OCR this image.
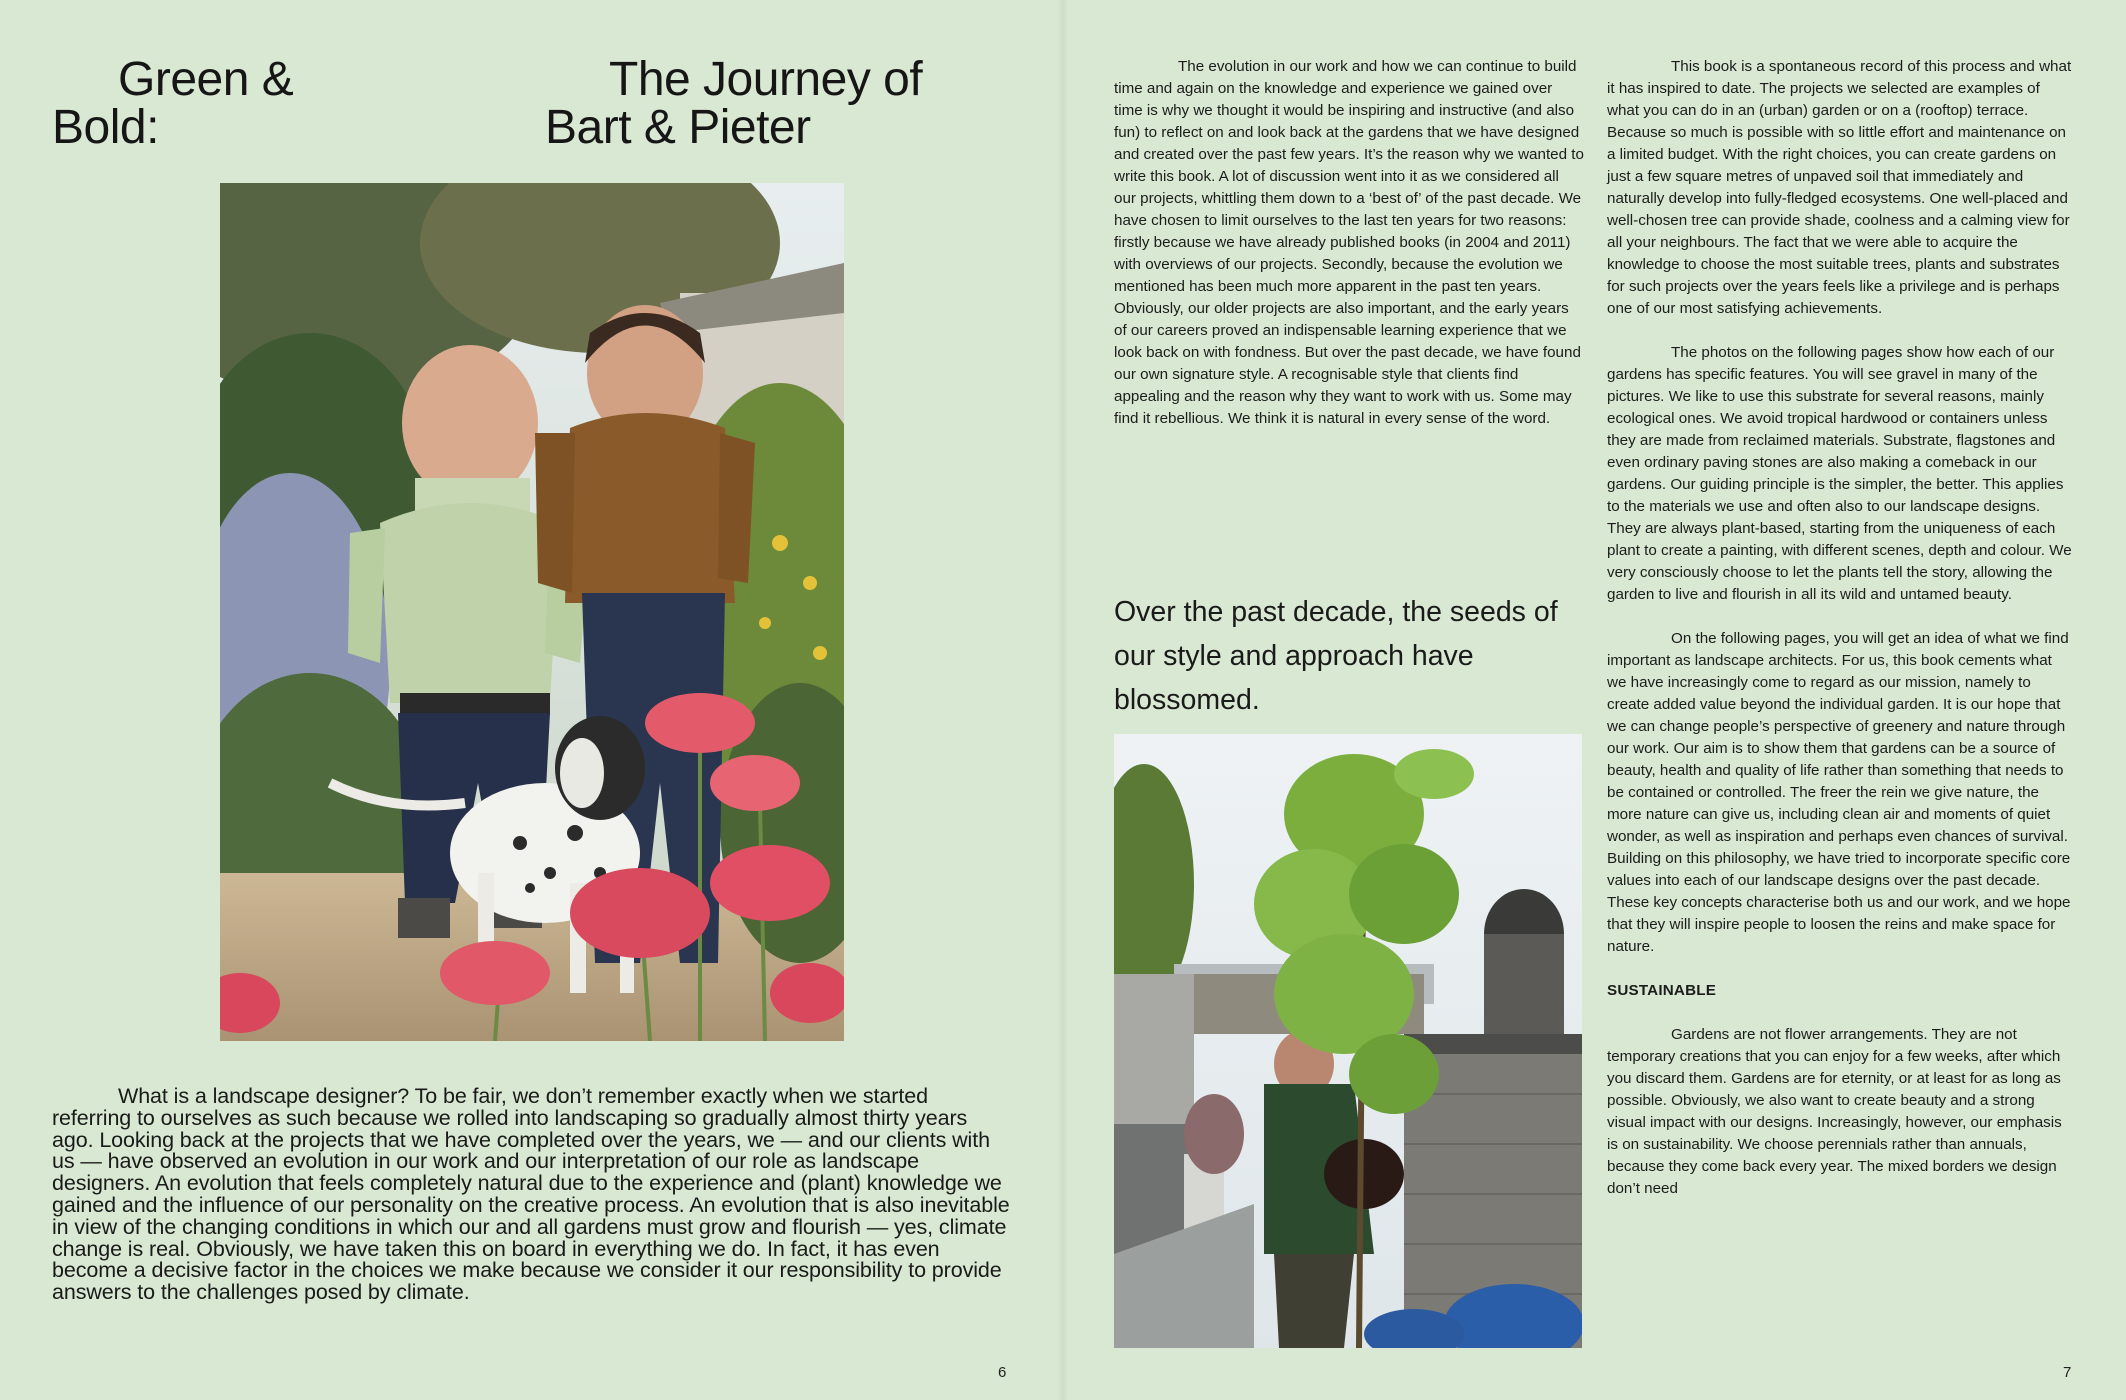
Green &
Bold:
The Journey of
Bart & Pieter

What is a landscape designer? To be fair, we don’t remember exactly when we started referring to ourselves as such because we rolled into landscaping so gradually almost thirty years ago. Looking back at the projects that we have completed over the years, we — and our clients with us — have observed an evolution in our work and our interpretation of our role as landscape designers. An evolution that feels completely natural due to the experience and (plant) knowledge we gained and the influence of our personality on the creative process. An evolution that is also inevitable in view of the changing conditions in which our and all gardens must grow and flourish — yes, climate change is real. Obviously, we have taken this on board in everything we do. In fact, it has even become a decisive factor in the choices we make because we consider it our responsibility to provide answers to the challenges posed by climate.

6

The evolution in our work and how we can continue to build time and again on the knowledge and experience we gained over time is why we thought it would be inspiring and instructive (and also fun) to reflect on and look back at the gardens that we have designed and created over the past few years. It’s the reason why we wanted to write this book. A lot of discussion went into it as we considered all our projects, whittling them down to a ‘best of’ of the past decade. We have chosen to limit ourselves to the last ten years for two reasons: firstly because we have already published books (in 2004 and 2011) with overviews of our projects. Secondly, because the evolution we mentioned has been much more apparent in the past ten years. Obviously, our older projects are also important, and the early years of our careers proved an indispensable learning experience that we look back on with fondness. But over the past decade, we have found our own signature style. A recognisable style that clients find appealing and the reason why they want to work with us. Some may find it rebellious. We think it is natural in every sense of the word.

Over the past decade, the seeds of our style and approach have blossomed.

This book is a spontaneous record of this process and what it has inspired to date. The projects we selected are examples of what you can do in an (urban) garden or on a (rooftop) terrace. Because so much is possible with so little effort and maintenance on a limited budget. With the right choices, you can create gardens on just a few square metres of unpaved soil that immediately and naturally develop into fully-fledged ecosystems. One well-placed and well-chosen tree can provide shade, coolness and a calming view for all your neighbours. The fact that we were able to acquire the knowledge to choose the most suitable trees, plants and substrates for such projects over the years feels like a privilege and is perhaps one of our most satisfying achievements.

The photos on the following pages show how each of our gardens has specific features. You will see gravel in many of the pictures. We like to use this substrate for several reasons, mainly ecological ones. We avoid tropical hardwood or containers unless they are made from reclaimed materials. Substrate, flagstones and even ordinary paving stones are also making a comeback in our gardens. Our guiding principle is the simpler, the better. This applies to the materials we use and often also to our landscape designs. They are always plant-based, starting from the uniqueness of each plant to create a painting, with different scenes, depth and colour. We very consciously choose to let the plants tell the story, allowing the garden to live and flourish in all its wild and untamed beauty.

On the following pages, you will get an idea of what we find important as landscape architects. For us, this book cements what we have increasingly come to regard as our mission, namely to create added value beyond the individual garden. It is our hope that we can change people’s perspective of greenery and nature through our work. Our aim is to show them that gardens can be a source of beauty, health and quality of life rather than something that needs to be contained or controlled. The freer the rein we give nature, the more nature can give us, including clean air and moments of quiet wonder, as well as inspiration and perhaps even chances of survival. Building on this philosophy, we have tried to incorporate specific core values into each of our landscape designs over the past decade. These key concepts characterise both us and our work, and we hope that they will inspire people to loosen the reins and make space for nature.

SUSTAINABLE

Gardens are not flower arrangements. They are not temporary creations that you can enjoy for a few weeks, after which you discard them. Gardens are for eternity, or at least for as long as possible. Obviously, we also want to create beauty and a strong visual impact with our designs. Increasingly, however, our emphasis is on sustainability. We choose perennials rather than annuals, because they come back every year. The mixed borders we design don’t need

7
